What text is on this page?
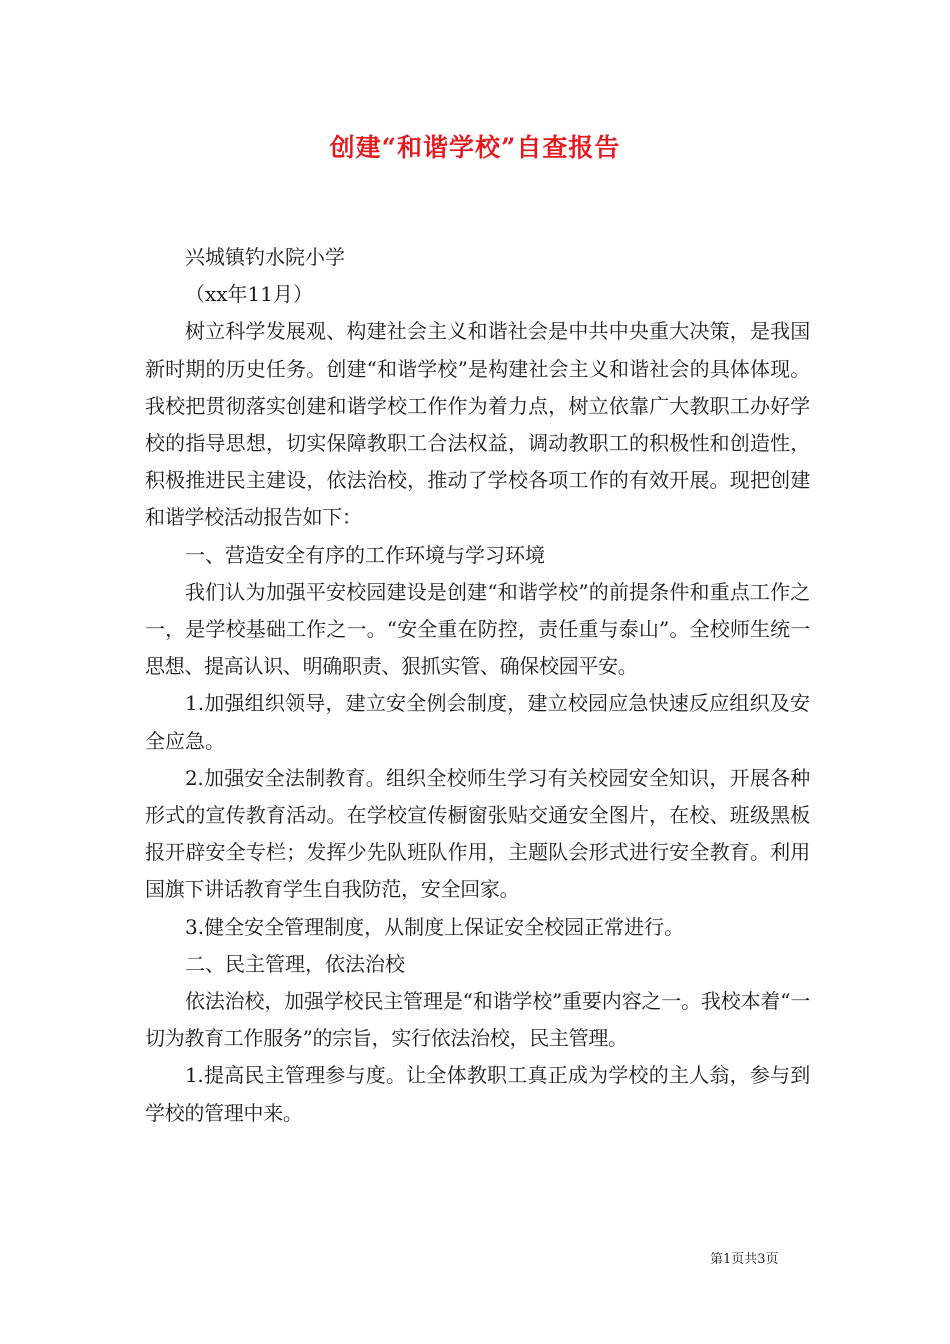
创建“和谐学校”自查报告

兴城镇钓水院小学

（xx年11月）

树立科学发展观、构建社会主义和谐社会是中共中央重大决策，是我国新时期的历史任务。创建“和谐学校”是构建社会主义和谐社会的具体体现。我校把贯彻落实创建和谐学校工作作为着力点，树立依靠广大教职工办好学校的指导思想，切实保障教职工合法权益，调动教职工的积极性和创造性，积极推进民主建设，依法治校，推动了学校各项工作的有效开展。现把创建和谐学校活动报告如下：

一、营造安全有序的工作环境与学习环境

我们认为加强平安校园建设是创建“和谐学校”的前提条件和重点工作之一，是学校基础工作之一。“安全重在防控，责任重与泰山”。全校师生统一思想、提高认识、明确职责、狠抓实管、确保校园平安。

1.加强组织领导，建立安全例会制度，建立校园应急快速反应组织及安全应急。

2.加强安全法制教育。组织全校师生学习有关校园安全知识，开展各种形式的宣传教育活动。在学校宣传橱窗张贴交通安全图片，在校、班级黑板报开辟安全专栏；发挥少先队班队作用，主题队会形式进行安全教育。利用国旗下讲话教育学生自我防范，安全回家。

3.健全安全管理制度，从制度上保证安全校园正常进行。

二、民主管理，依法治校

依法治校，加强学校民主管理是“和谐学校”重要内容之一。我校本着“一切为教育工作服务”的宗旨，实行依法治校，民主管理。

1.提高民主管理参与度。让全体教职工真正成为学校的主人翁，参与到学校的管理中来。

第1页共3页
